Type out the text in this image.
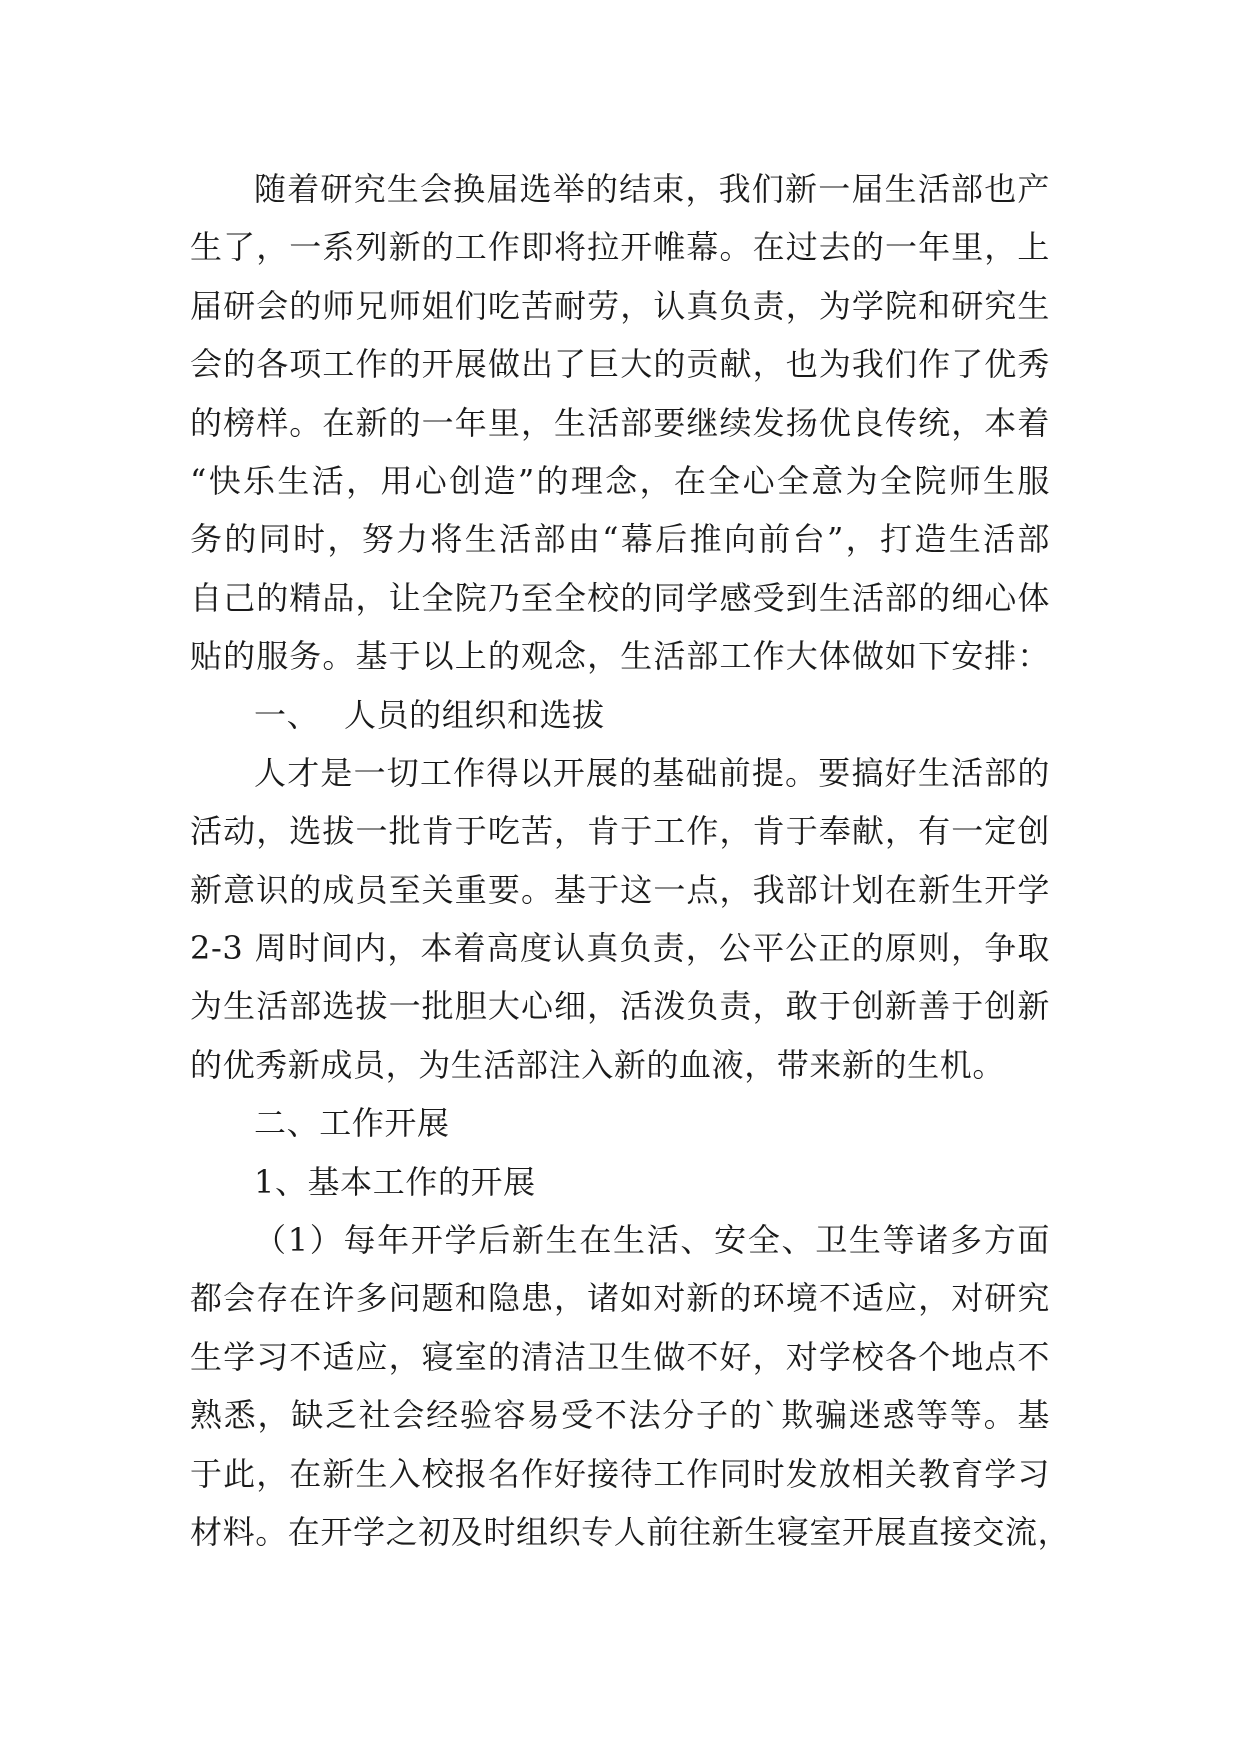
随着研究生会换届选举的结束，我们新一届生活部也产
生了，一系列新的工作即将拉开帷幕。在过去的一年里，上
届研会的师兄师姐们吃苦耐劳，认真负责，为学院和研究生
会的各项工作的开展做出了巨大的贡献，也为我们作了优秀
的榜样。在新的一年里，生活部要继续发扬优良传统，本着
“快乐生活，用心创造”的理念，在全心全意为全院师生服
务的同时，努力将生活部由“幕后推向前台”，打造生活部
自己的精品，让全院乃至全校的同学感受到生活部的细心体
贴的服务。基于以上的观念，生活部工作大体做如下安排：
一、 人员的组织和选拔
人才是一切工作得以开展的基础前提。要搞好生活部的
活动，选拔一批肯于吃苦，肯于工作，肯于奉献，有一定创
新意识的成员至关重要。基于这一点，我部计划在新生开学
2-3 周时间内，本着高度认真负责，公平公正的原则，争取
为生活部选拔一批胆大心细，活泼负责，敢于创新善于创新
的优秀新成员，为生活部注入新的血液，带来新的生机。
二、工作开展
1、基本工作的开展
（1）每年开学后新生在生活、安全、卫生等诸多方面
都会存在许多问题和隐患，诸如对新的环境不适应，对研究
生学习不适应，寝室的清洁卫生做不好，对学校各个地点不
熟悉，缺乏社会经验容易受不法分子的`欺骗迷惑等等。基
于此，在新生入校报名作好接待工作同时发放相关教育学习
材料。在开学之初及时组织专人前往新生寝室开展直接交流，
